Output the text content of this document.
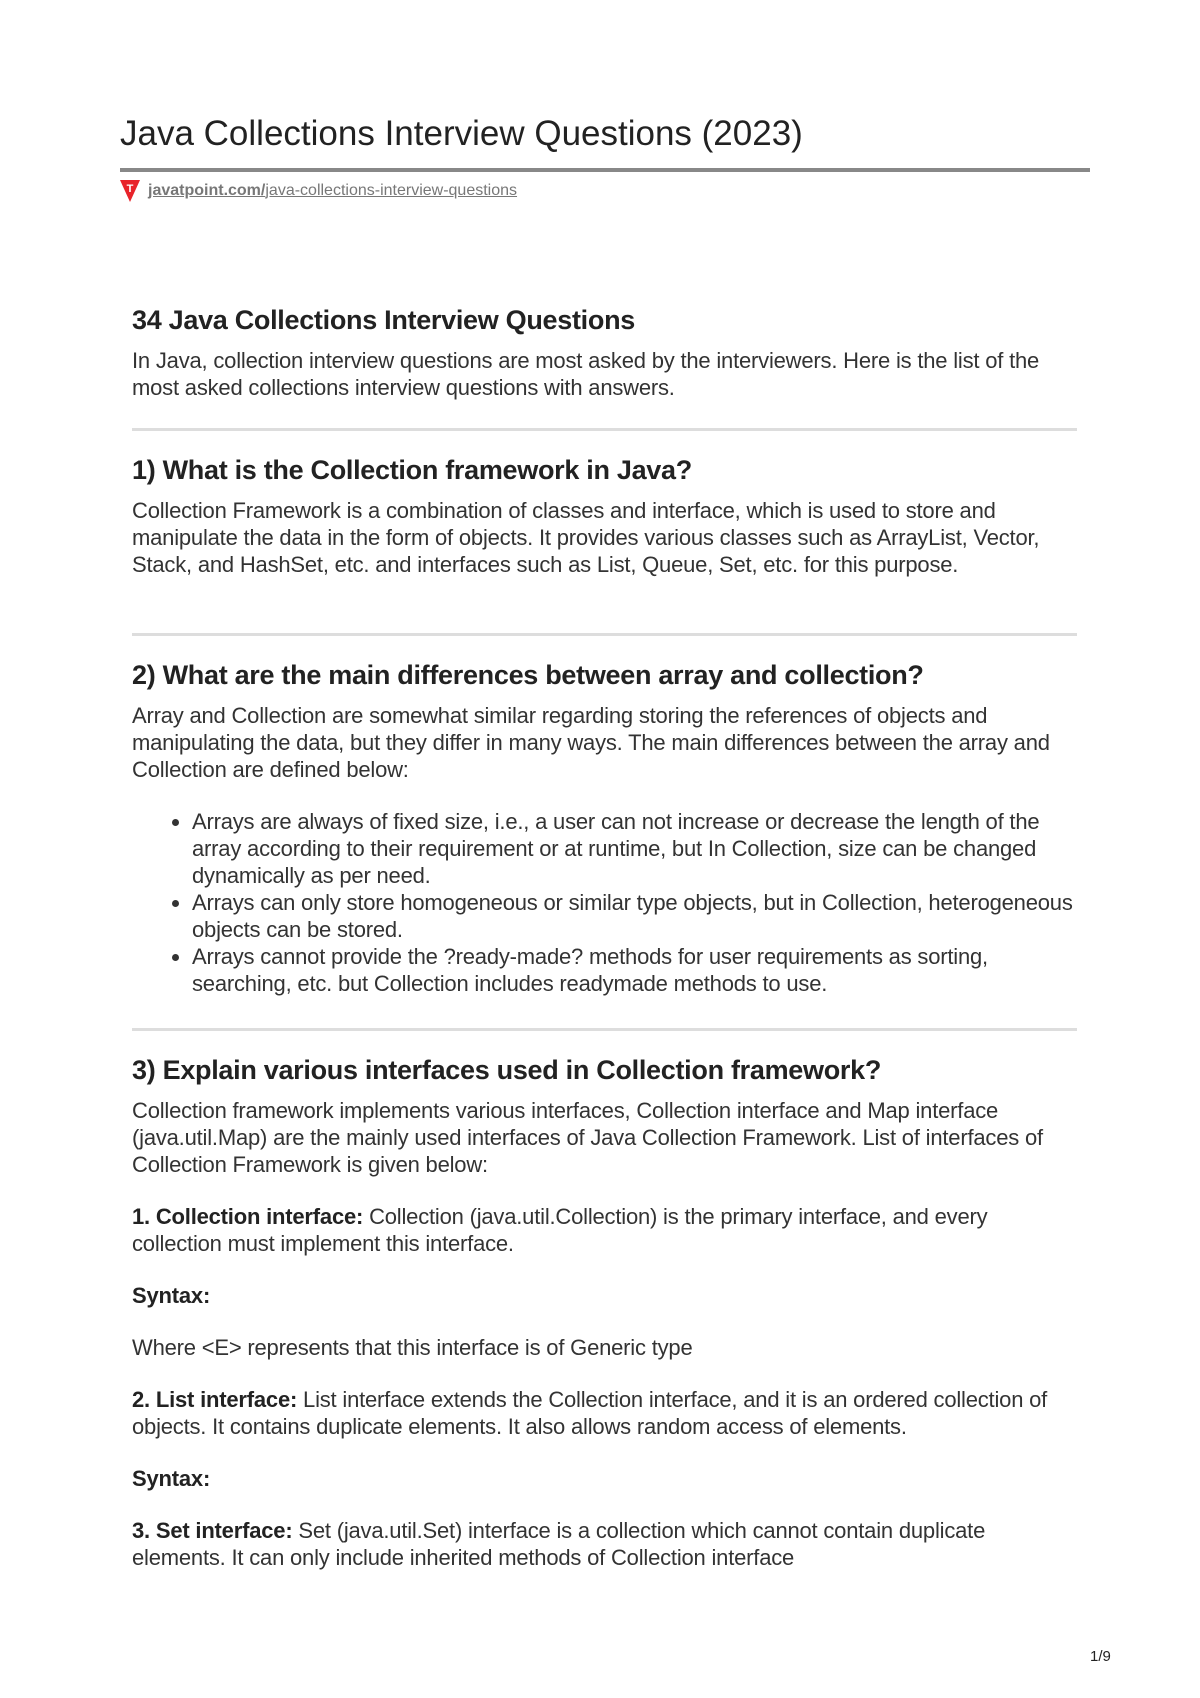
Java Collections Interview Questions (2023)
T javatpoint.com/java-collections-interview-questions
34 Java Collections Interview Questions

In Java, collection interview questions are most asked by the interviewers. Here is the list of the most asked collections interview questions with answers.

1) What is the Collection framework in Java?

Collection Framework is a combination of classes and interface, which is used to store and manipulate the data in the form of objects. It provides various classes such as ArrayList, Vector, Stack, and HashSet, etc. and interfaces such as List, Queue, Set, etc. for this purpose.

2) What are the main differences between array and collection?

Array and Collection are somewhat similar regarding storing the references of objects and manipulating the data, but they differ in many ways. The main differences between the array and Collection are defined below:

• Arrays are always of fixed size, i.e., a user can not increase or decrease the length of the array according to their requirement or at runtime, but In Collection, size can be changed dynamically as per need.
• Arrays can only store homogeneous or similar type objects, but in Collection, heterogeneous objects can be stored.
• Arrays cannot provide the ?ready-made? methods for user requirements as sorting, searching, etc. but Collection includes readymade methods to use.
3) Explain various interfaces used in Collection framework?

Collection framework implements various interfaces, Collection interface and Map interface (java.util.Map) are the mainly used interfaces of Java Collection Framework. List of interfaces of Collection Framework is given below:

1. Collection interface: Collection (java.util.Collection) is the primary interface, and every collection must implement this interface.

Syntax:

Where <E> represents that this interface is of Generic type

2. List interface: List interface extends the Collection interface, and it is an ordered collection of objects. It contains duplicate elements. It also allows random access of elements.

Syntax:

3. Set interface: Set (java.util.Set) interface is a collection which cannot contain duplicate elements. It can only include inherited methods of Collection interface

1/9
